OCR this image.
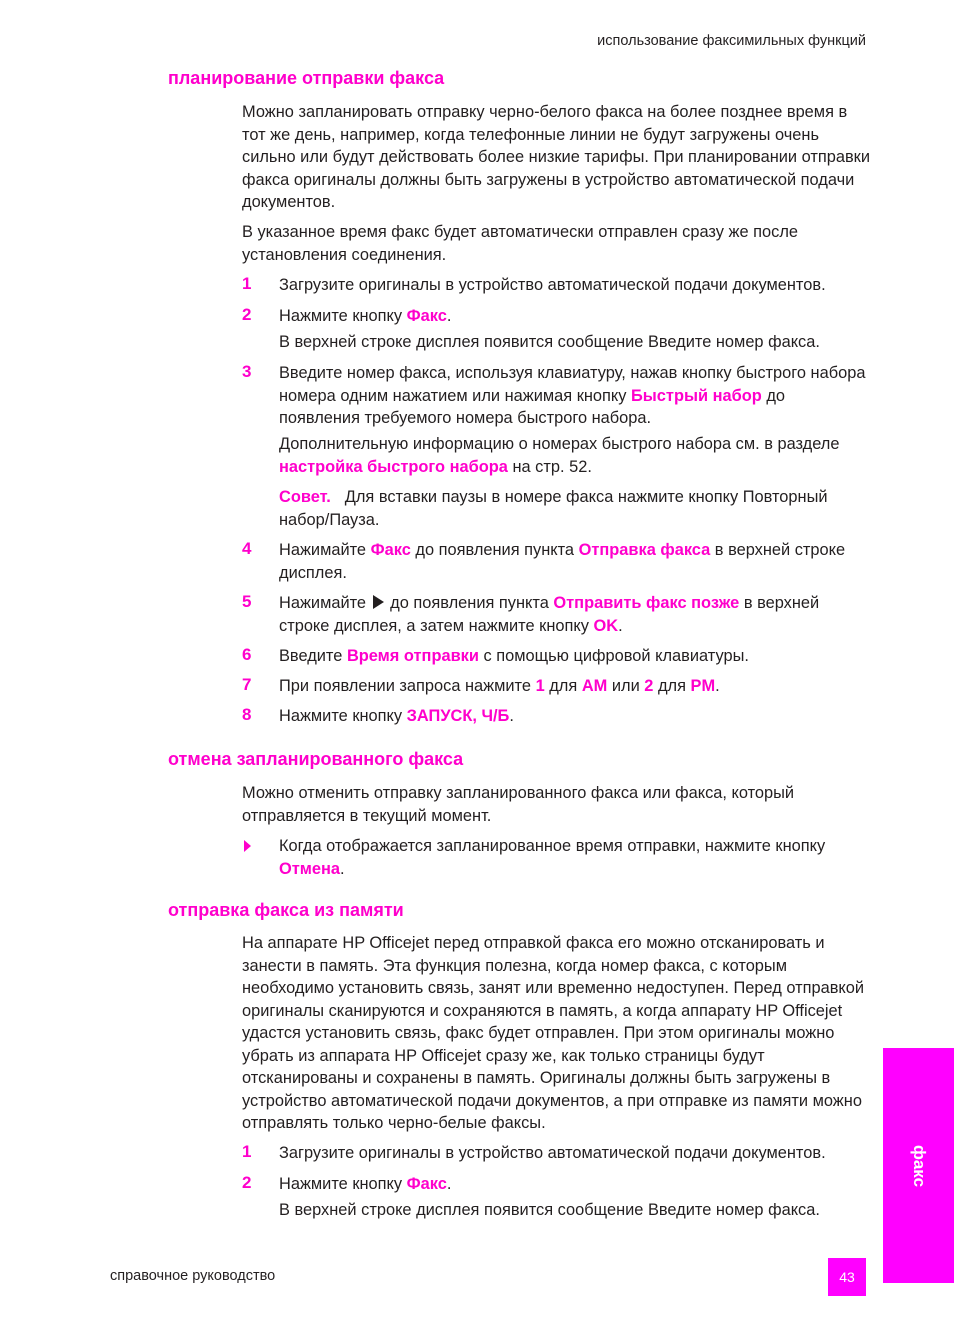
использование факсимильных функций
планирование отправки факса
Можно запланировать отправку черно-белого факса на более позднее время в тот же день, например, когда телефонные линии не будут загружены очень сильно или будут действовать более низкие тарифы. При планировании отправки факса оригиналы должны быть загружены в устройство автоматической подачи документов.
В указанное время факс будет автоматически отправлен сразу же после установления соединения.
1 Загрузите оригиналы в устройство автоматической подачи документов.
2 Нажмите кнопку Факс.
В верхней строке дисплея появится сообщение Введите номер факса.
3 Введите номер факса, используя клавиатуру, нажав кнопку быстрого набора номера одним нажатием или нажимая кнопку Быстрый набор до появления требуемого номера быстрого набора.
Дополнительную информацию о номерах быстрого набора см. в разделе настройка быстрого набора на стр. 52.
Совет. Для вставки паузы в номере факса нажмите кнопку Повторный набор/Пауза.
4 Нажимайте Факс до появления пункта Отправка факса в верхней строке дисплея.
5 Нажимайте  до появления пункта Отправить факс позже в верхней строке дисплея, а затем нажмите кнопку OK.
6 Введите Время отправки с помощью цифровой клавиатуры.
7 При появлении запроса нажмите 1 для AM или 2 для PM.
8 Нажмите кнопку ЗАПУСК, Ч/Б.
отмена запланированного факса
Можно отменить отправку запланированного факса или факса, который отправляется в текущий момент.
Когда отображается запланированное время отправки, нажмите кнопку Отмена.
отправка факса из памяти
На аппарате HP Officejet перед отправкой факса его можно отсканировать и занести в память. Эта функция полезна, когда номер факса, с которым необходимо установить связь, занят или временно недоступен. Перед отправкой оригиналы сканируются и сохраняются в память, а когда аппарату HP Officejet удастся установить связь, факс будет отправлен. При этом оригиналы можно убрать из аппарата HP Officejet сразу же, как только страницы будут отсканированы и сохранены в память. Оригиналы должны быть загружены в устройство автоматической подачи документов, а при отправке из памяти можно отправлять только черно-белые факсы.
1 Загрузите оригиналы в устройство автоматической подачи документов.
2 Нажмите кнопку Факс.
В верхней строке дисплея появится сообщение Введите номер факса.
факс
справочное руководство	43
